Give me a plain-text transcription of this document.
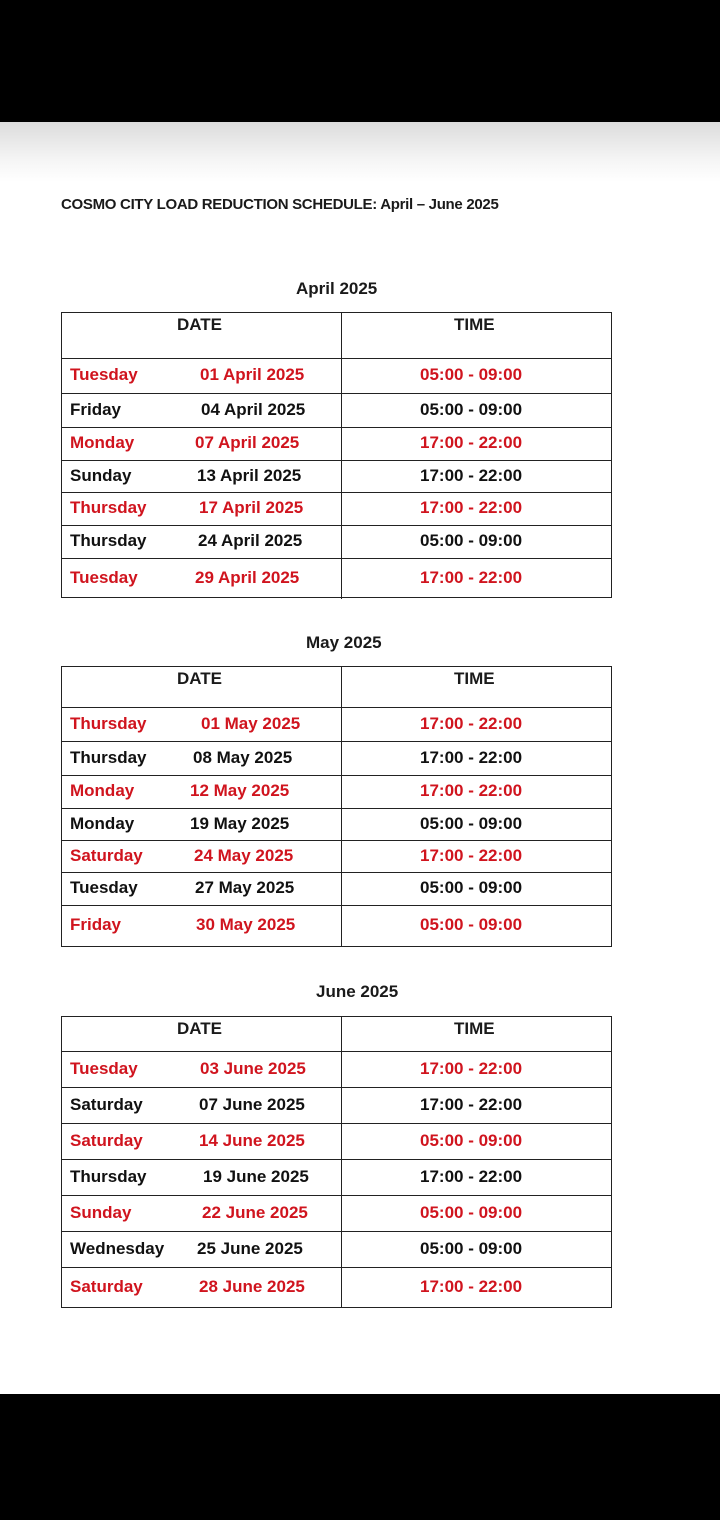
COSMO CITY LOAD REDUCTION SCHEDULE: April – June 2025
April 2025
DATE	TIME
Tuesday	01 April 2025	05:00 - 09:00
Friday	04 April 2025	05:00 - 09:00
Monday	07 April 2025	17:00 - 22:00
Sunday	13 April 2025	17:00 - 22:00
Thursday	17 April 2025	17:00 - 22:00
Thursday	24 April 2025	05:00 - 09:00
Tuesday	29 April 2025	17:00 - 22:00
May 2025
DATE	TIME
Thursday	01 May 2025	17:00 - 22:00
Thursday	08 May 2025	17:00 - 22:00
Monday	12 May 2025	17:00 - 22:00
Monday	19 May 2025	05:00 - 09:00
Saturday	24 May 2025	17:00 - 22:00
Tuesday	27 May 2025	05:00 - 09:00
Friday	30 May 2025	05:00 - 09:00
June 2025
DATE	TIME
Tuesday	03 June 2025	17:00 - 22:00
Saturday	07 June 2025	17:00 - 22:00
Saturday	14 June 2025	05:00 - 09:00
Thursday	19 June 2025	17:00 - 22:00
Sunday	22 June 2025	05:00 - 09:00
Wednesday 25 June 2025	05:00 - 09:00
Saturday	28 June 2025	17:00 - 22:00
